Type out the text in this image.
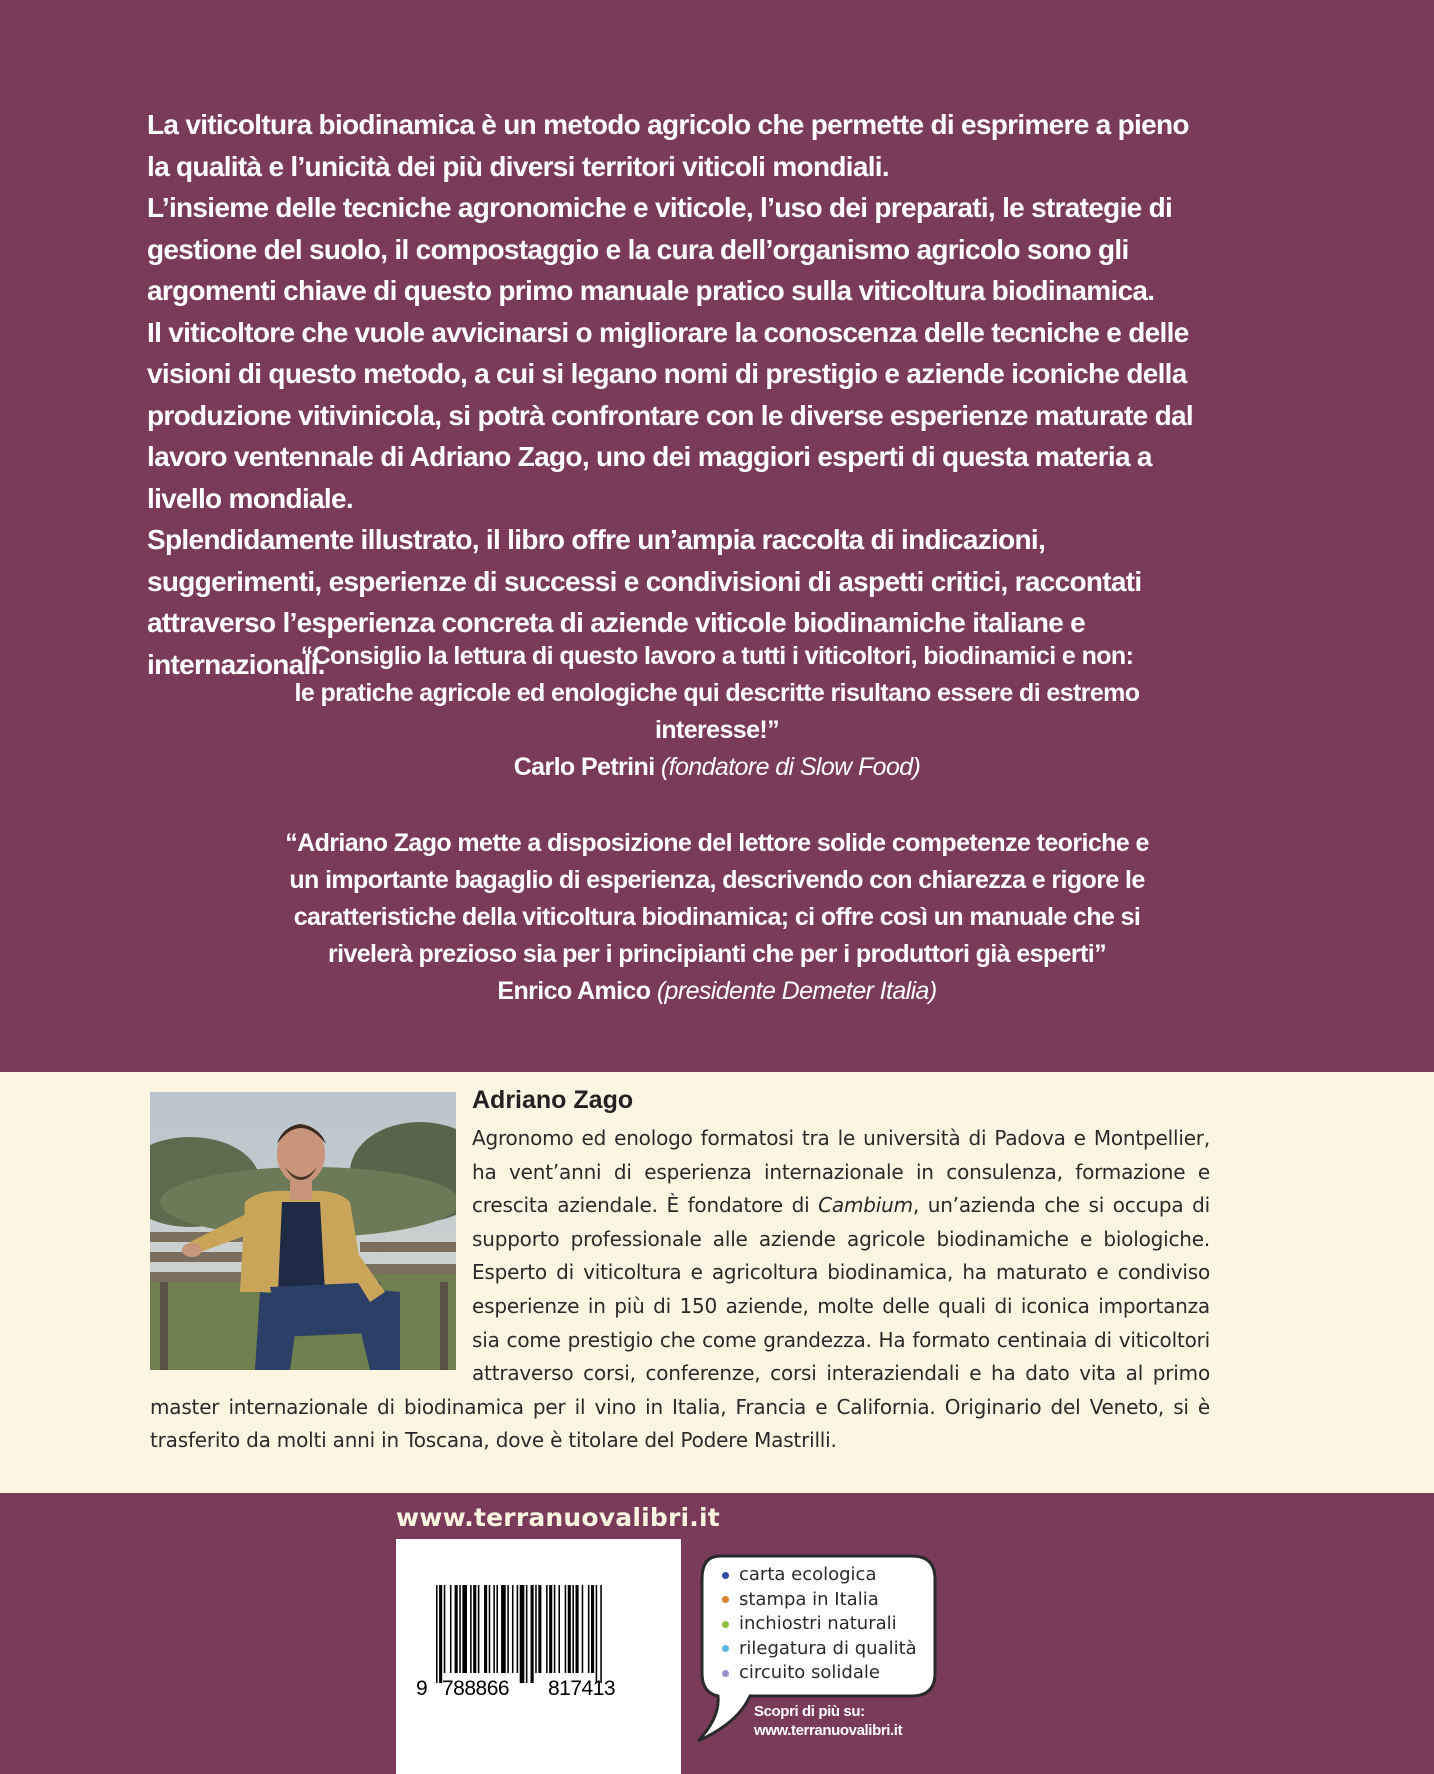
La viticoltura biodinamica è un metodo agricolo che permette di esprimere a pieno la qualità e l’unicità dei più diversi territori viticoli mondiali.

L’insieme delle tecniche agronomiche e viticole, l’uso dei preparati, le strategie di gestione del suolo, il compostaggio e la cura dell’organismo agricolo sono gli argomenti chiave di questo primo manuale pratico sulla viticoltura biodinamica.

Il viticoltore che vuole avvicinarsi o migliorare la conoscenza delle tecniche e delle visioni di questo metodo, a cui si legano nomi di prestigio e aziende iconiche della produzione vitivinicola, si potrà confrontare con le diverse esperienze maturate dal lavoro ventennale di Adriano Zago, uno dei maggiori esperti di questa materia a livello mondiale.

Splendidamente illustrato, il libro offre un’ampia raccolta di indicazioni, suggerimenti, esperienze di successi e condivisioni di aspetti critici, raccontati attraverso l’esperienza concreta di aziende viticole biodinamiche italiane e internazionali.

“Consiglio la lettura di questo lavoro a tutti i viticoltori, biodinamici e non:
le pratiche agricole ed enologiche qui descritte risultano essere di estremo
interesse!”
Carlo Petrini (fondatore di Slow Food)
“Adriano Zago mette a disposizione del lettore solide competenze teoriche e
un importante bagaglio di esperienza, descrivendo con chiarezza e rigore le
caratteristiche della viticoltura biodinamica; ci offre così un manuale che si
rivelerà prezioso sia per i principianti che per i produttori già esperti”
Enrico Amico (presidente Demeter Italia)
Adriano Zago
Agronomo ed enologo formatosi tra le università di Padova e Montpellier, ha vent’anni di esperienza internazionale in consulenza, formazione e crescita aziendale. È fondatore di Cambium, un’azienda che si occupa di supporto professionale alle aziende agricole biodinamiche e biologiche. Esperto di viticoltura e agricoltura biodinamica, ha maturato e condiviso esperienze in più di 150 aziende, molte delle quali di iconica importanza sia come prestigio che come grandezza. Ha formato centinaia di viticoltori attraverso corsi, conferenze, corsi interaziendali e ha dato vita al primo master internazionale di biodinamica per il vino in Italia, Francia e California. Originario del Veneto, si è trasferito da molti anni in Toscana, dove è titolare del Podere Mastrilli.
www.terranuovalibri.it
9 788866 817413
carta ecologica
stampa in Italia
inchiostri naturali
rilegatura di qualità
circuito solidale
Scopri di più su:
www.terranuovalibri.it
